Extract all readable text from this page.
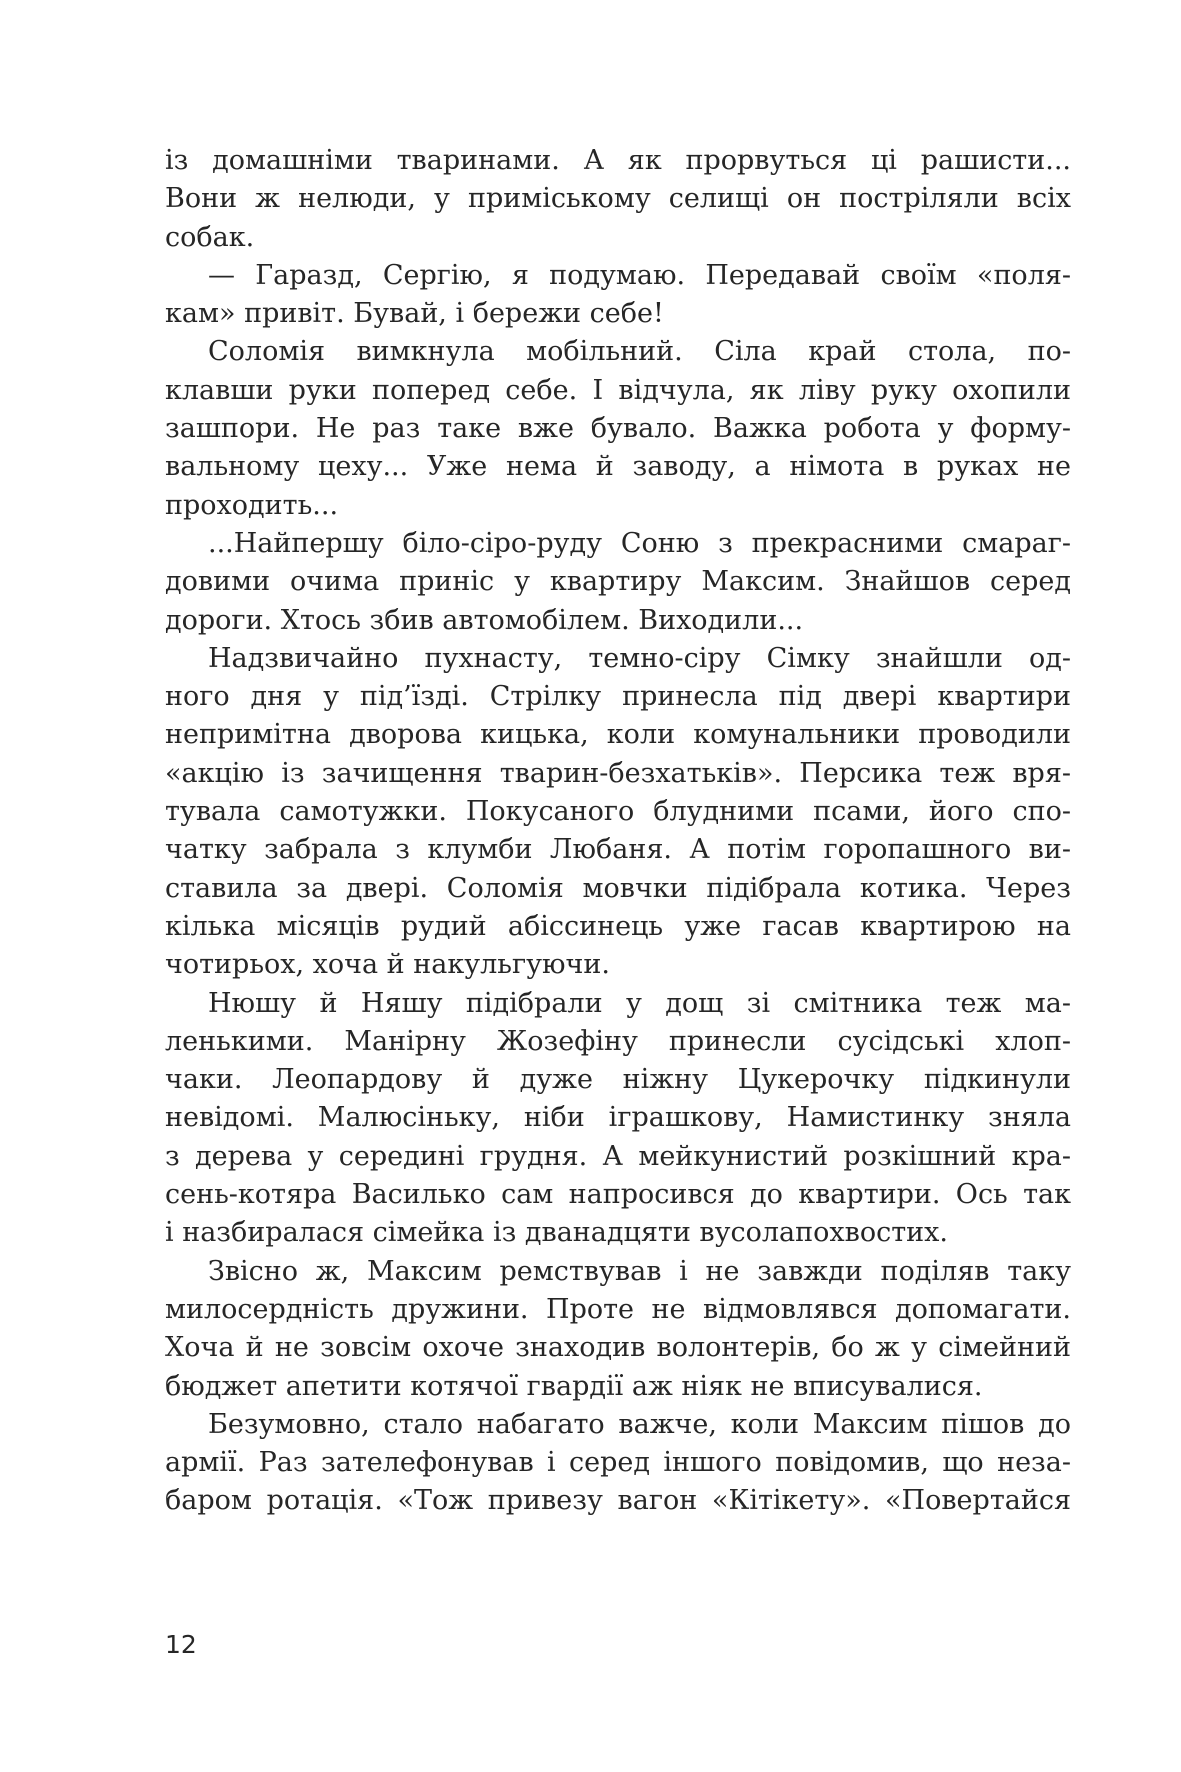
із домашніми тваринами. А як прорвуться ці рашисти...
Вони ж нелюди, у приміському селищі он постріляли всіх
собак.
— Гаразд, Сергію, я подумаю. Передавай своїм «поля-
кам» привіт. Бувай, і бережи себе!
Соломія вимкнула мобільний. Сіла край стола, по-
клавши руки поперед себе. І відчула, як ліву руку охопили
зашпори. Не раз таке вже бувало. Важка робота у форму-
вальному цеху... Уже нема й заводу, а німота в руках не
проходить...
...Найпершу біло-сіро-руду Соню з прекрасними смараг-
довими очима приніс у квартиру Максим. Знайшов серед
дороги. Хтось збив автомобілем. Виходили...
Надзвичайно пухнасту, темно-сіру Сімку знайшли од-
ного дня у під’їзді. Стрілку принесла під двері квартири
непримітна дворова кицька, коли комунальники проводили
«акцію із зачищення тварин-безхатьків». Персика теж вря-
тувала самотужки. Покусаного блудними псами, його спо-
чатку забрала з клумби Любаня. А потім горопашного ви-
ставила за двері. Соломія мовчки підібрала котика. Через
кілька місяців рудий абіссинець уже гасав квартирою на
чотирьох, хоча й накульгуючи.
Нюшу й Няшу підібрали у дощ зі смітника теж ма-
ленькими. Манірну Жозефіну принесли сусідські хлоп-
чаки. Леопардову й дуже ніжну Цукерочку підкинули
невідомі. Малюсіньку, ніби іграшкову, Намистинку зняла
з дерева у середині грудня. А мейкунистий розкішний кра-
сень-котяра Василько сам напросився до квартири. Ось так
і назбиралася сімейка із дванадцяти вусолапохвостих.
Звісно ж, Максим ремствував і не завжди поділяв таку
милосердність дружини. Проте не відмовлявся допомагати.
Хоча й не зовсім охоче знаходив волонтерів, бо ж у сімейний
бюджет апетити котячої гвардії аж ніяк не вписувалися.
Безумовно, стало набагато важче, коли Максим пішов до
армії. Раз зателефонував і серед іншого повідомив, що неза-
баром ротація. «Тож привезу вагон «Кітікету». «Повертайся
12
